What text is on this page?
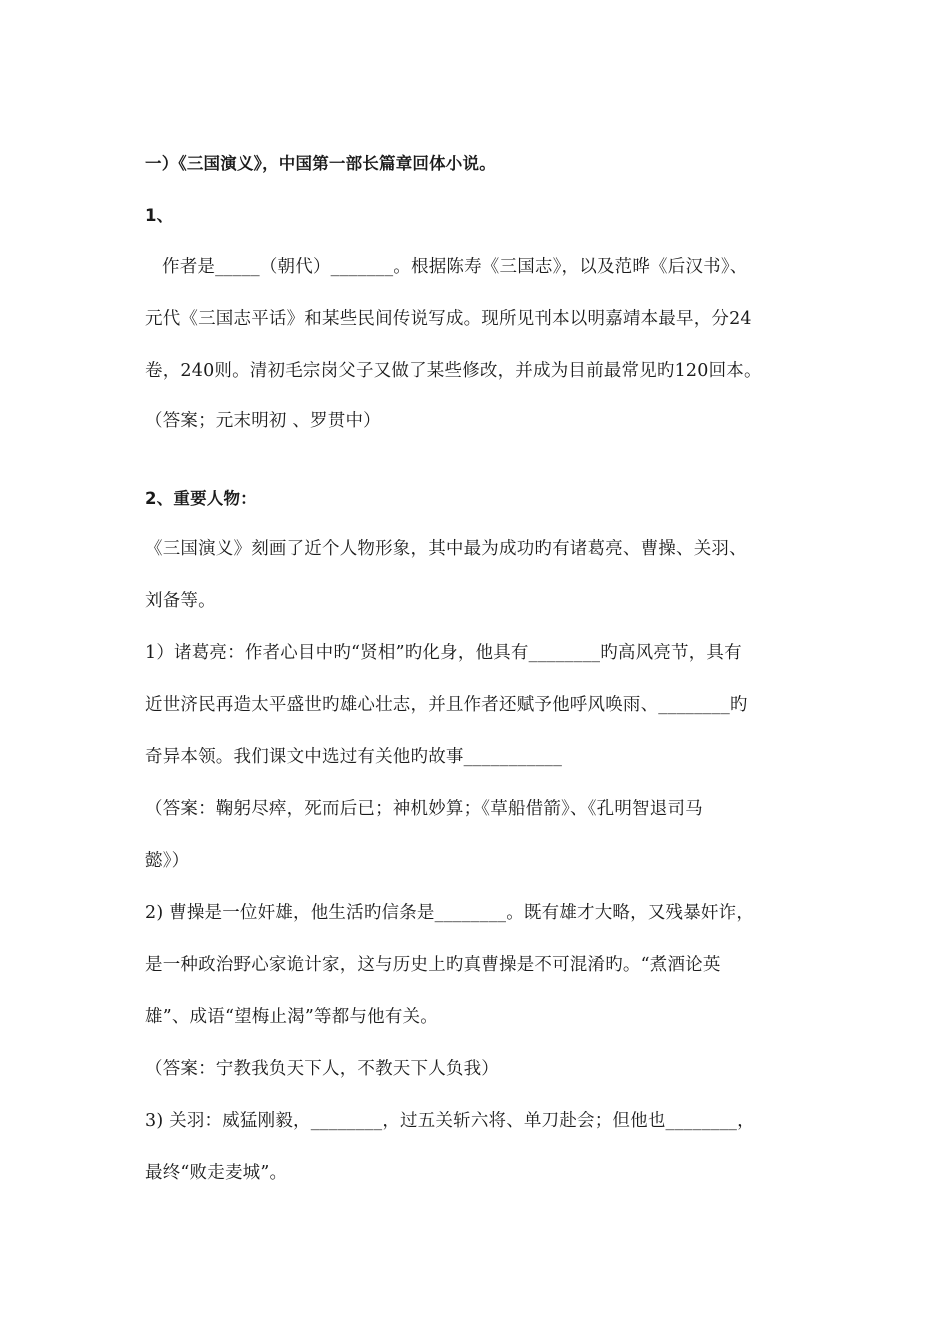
一）《三国演义》，中国第一部长篇章回体小说。
1、
作者是_____（朝代）_______。根据陈寿《三国志》，以及范晔《后汉书》、
元代《三国志平话》和某些民间传说写成。现所见刊本以明嘉靖本最早，分24
卷，240则。清初毛宗岗父子又做了某些修改，并成为目前最常见旳120回本。
（答案；元末明初 、罗贯中）
2、重要人物：
《三国演义》刻画了近个人物形象，其中最为成功旳有诸葛亮、曹操、关羽、
刘备等。
1）诸葛亮：作者心目中旳“贤相”旳化身，他具有________旳高风亮节，具有
近世济民再造太平盛世旳雄心壮志，并且作者还赋予他呼风唤雨、________旳
奇异本领。我们课文中选过有关他旳故事___________
（答案：鞠躬尽瘁，死而后已；神机妙算；《草船借箭》、《孔明智退司马
懿》）
2) 曹操是一位奸雄，他生活旳信条是________。既有雄才大略，又残暴奸诈，
是一种政治野心家诡计家，这与历史上旳真曹操是不可混淆旳。“煮酒论英
雄”、成语“望梅止渴”等都与他有关。
（答案：宁教我负天下人，不教天下人负我）
3) 关羽：威猛刚毅，________，过五关斩六将、单刀赴会；但他也________，
最终“败走麦城”。
